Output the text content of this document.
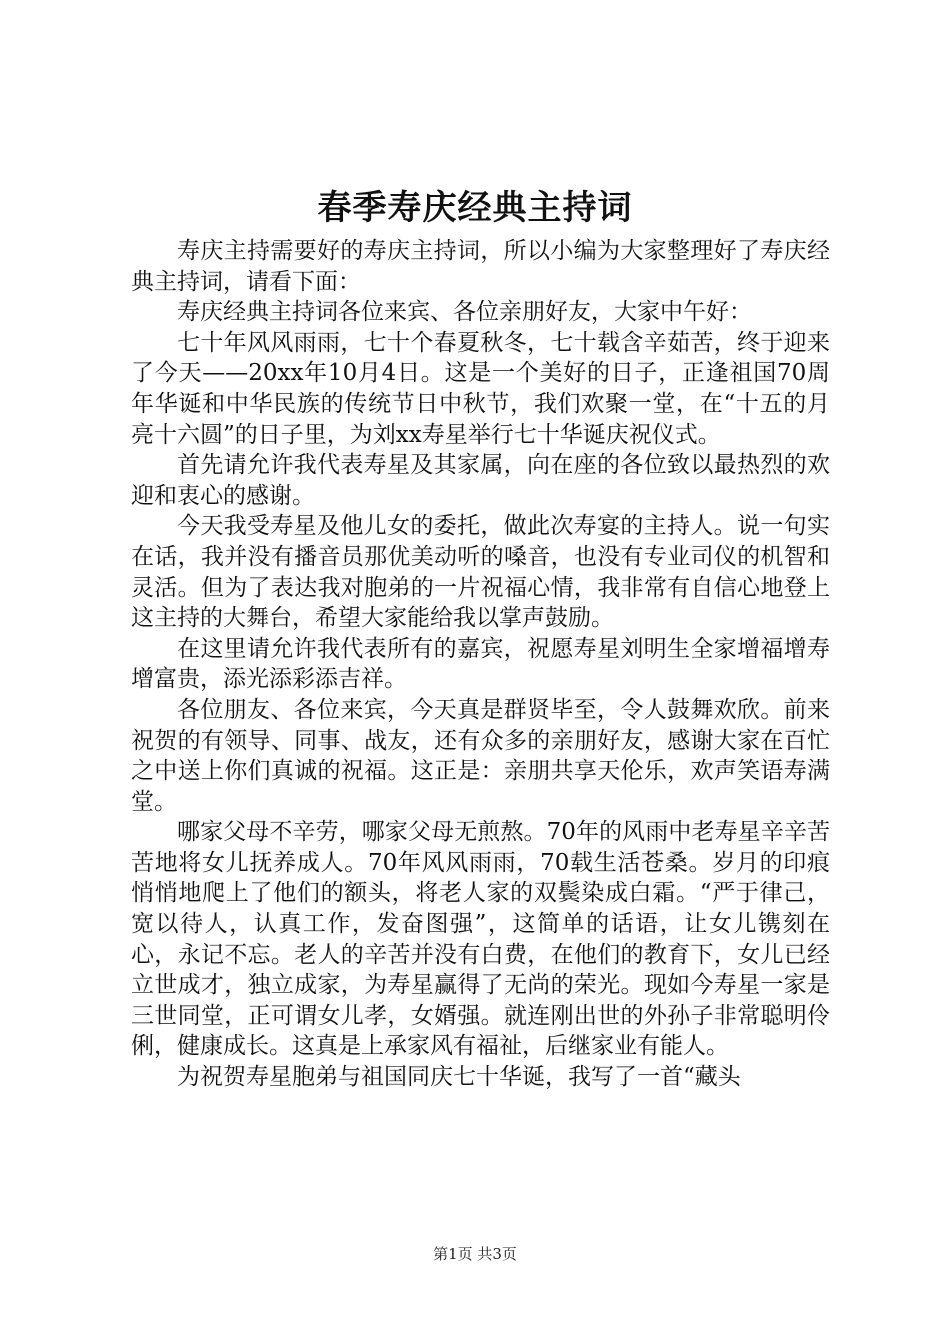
春季寿庆经典主持词

寿庆主持需要好的寿庆主持词，所以小编为大家整理好了寿庆经典主持词，请看下面：

寿庆经典主持词各位来宾、各位亲朋好友，大家中午好：

七十年风风雨雨，七十个春夏秋冬，七十载含辛茹苦，终于迎来了今天——20xx年10月4日。这是一个美好的日子，正逢祖国70周年华诞和中华民族的传统节日中秋节，我们欢聚一堂，在“十五的月亮十六圆”的日子里，为刘xx寿星举行七十华诞庆祝仪式。

首先请允许我代表寿星及其家属，向在座的各位致以最热烈的欢迎和衷心的感谢。

今天我受寿星及他儿女的委托，做此次寿宴的主持人。说一句实在话，我并没有播音员那优美动听的嗓音，也没有专业司仪的机智和灵活。但为了表达我对胞弟的一片祝福心情，我非常有自信心地登上这主持的大舞台，希望大家能给我以掌声鼓励。

在这里请允许我代表所有的嘉宾，祝愿寿星刘明生全家增福增寿增富贵，添光添彩添吉祥。

各位朋友、各位来宾，今天真是群贤毕至，令人鼓舞欢欣。前来祝贺的有领导、同事、战友，还有众多的亲朋好友，感谢大家在百忙之中送上你们真诚的祝福。这正是：亲朋共享天伦乐，欢声笑语寿满堂。

哪家父母不辛劳，哪家父母无煎熬。70年的风雨中老寿星辛辛苦苦地将女儿抚养成人。70年风风雨雨，70载生活苍桑。岁月的印痕悄悄地爬上了他们的额头，将老人家的双鬓染成白霜。“严于律己，宽以待人，认真工作，发奋图强”，这简单的话语，让女儿镌刻在心，永记不忘。老人的辛苦并没有白费，在他们的教育下，女儿已经立世成才，独立成家，为寿星赢得了无尚的荣光。现如今寿星一家是三世同堂，正可谓女儿孝，女婿强。就连刚出世的外孙子非常聪明伶俐，健康成长。这真是上承家风有福祉，后继家业有能人。

为祝贺寿星胞弟与祖国同庆七十华诞，我写了一首“藏头

第1页 共3页
